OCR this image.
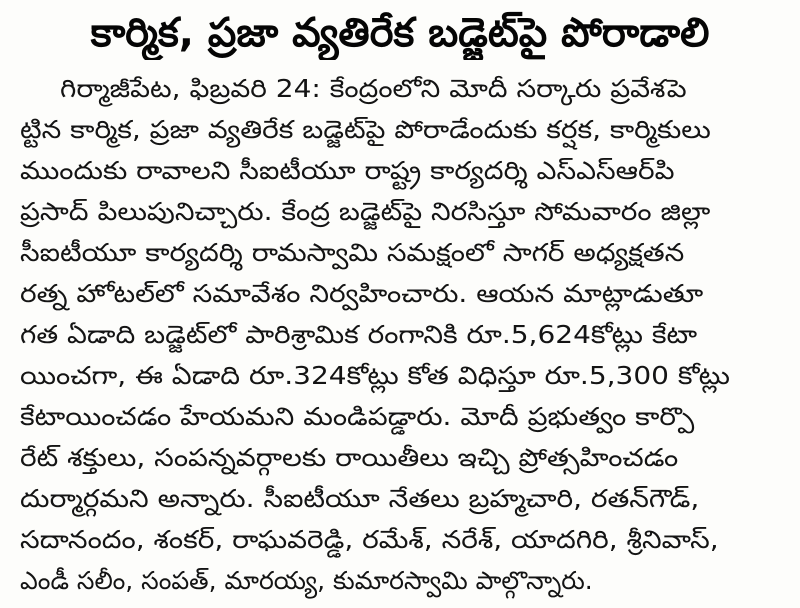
కార్మిక, ప్రజా వ్యతిరేక బడ్జెట్‌పై పోరాడాలి
గిర్మాజీపేట, ఫిబ్రవరి 24: కేంద్రంలోని మోదీ సర్కారు ప్రవేశపె
ట్టిన కార్మిక, ప్రజా వ్యతిరేక బడ్జెట్‌పై పోరాడేందుకు కర్షక, కార్మికులు
ముందుకు రావాలని సీఐటీయూ రాష్ట్ర కార్యదర్శి ఎస్‌ఎస్‌ఆర్‌పి
ప్రసాద్ పిలుపునిచ్చారు. కేంద్ర బడ్జెట్‌పై నిరసిస్తూ సోమవారం జిల్లా
సీఐటీయూ కార్యదర్శి రామస్వామి సమక్షంలో సాగర్ అధ్యక్షతన
రత్న హోటల్‌లో సమావేశం నిర్వహించారు. ఆయన మాట్లాడుతూ
గత ఏడాది బడ్జెట్‌లో పారిశ్రామిక రంగానికి రూ.5,624కోట్లు కేటా
యించగా, ఈ ఏడాది రూ.324కోట్లు కోత విధిస్తూ రూ.5,300 కోట్లు
కేటాయించడం హేయమని మండిపడ్డారు. మోదీ ప్రభుత్వం కార్పొ
రేట్ శక్తులు, సంపన్నవర్గాలకు రాయితీలు ఇచ్చి ప్రోత్సహించడం
దుర్మార్గమని అన్నారు. సీఐటీయూ నేతలు బ్రహ్మచారి, రతన్‌గౌడ్,
సదానందం, శంకర్, రాఘవరెడ్డి, రమేశ్, నరేశ్, యాదగిరి, శ్రీనివాస్,
ఎండీ సలీం, సంపత్, మారయ్య, కుమారస్వామి పాల్గొన్నారు.
